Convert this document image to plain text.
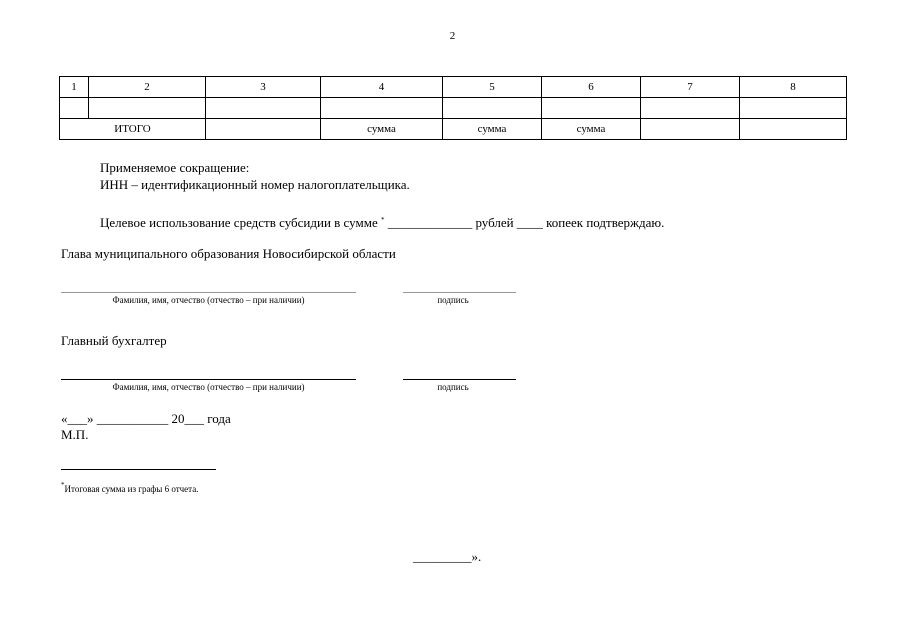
2
1	2	3	4	5	6	7	8

ИТОГО			сумма	сумма	сумма		
Применяемое сокращение:
ИНН – идентификационный номер налогоплательщика.
Целевое использование средств субсидии в сумме * _____________ рублей ____ копеек подтверждаю.
Глава муниципального образования Новосибирской области
Фамилия, имя, отчество (отчество – при наличии)	подпись
Главный бухгалтер
Фамилия, имя, отчество (отчество – при наличии)	подпись
«___» ___________ 20___ года
М.П.
*Итоговая сумма из графы 6 отчета.
_________».
